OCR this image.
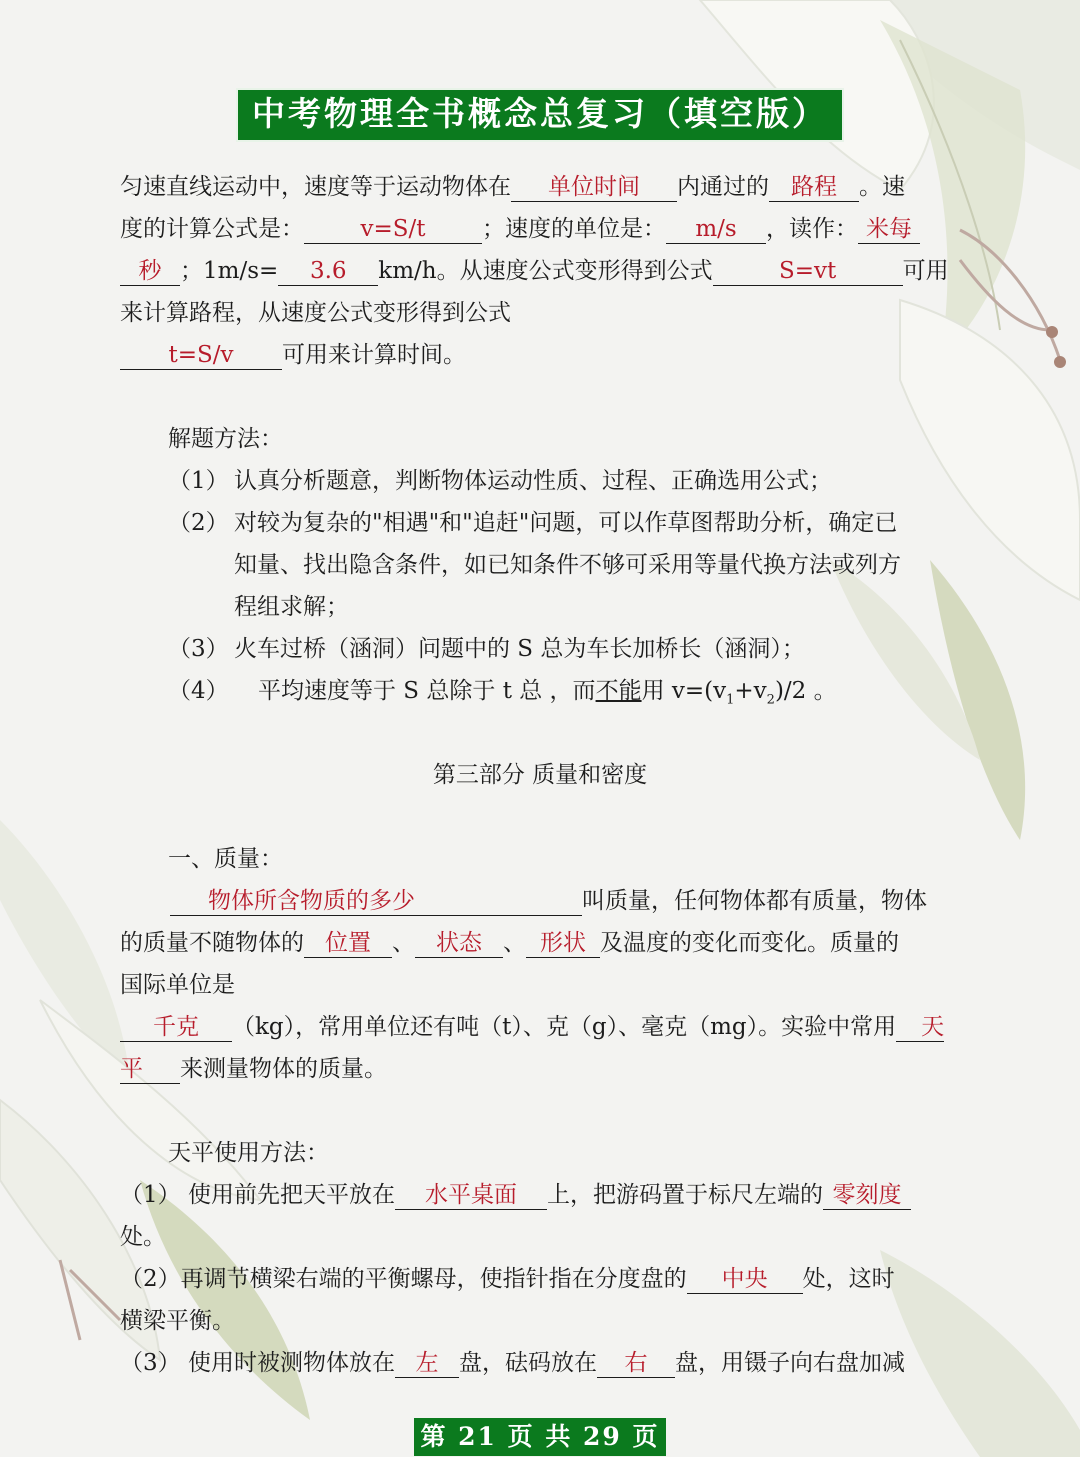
中考物理全书概念总复习（填空版）
匀速直线运动中，速度等于运动物体在 单位时间 内通过的 路程 。速
度的计算公式是： v=S/t ；速度的单位是： m/s ，读作： 米每
秒 ；1m/s= 3.6 km/h。从速度公式变形得到公式	S=vt	可用
来计算路程，从速度公式变形得到公式
t=S/v 可用来计算时间。
解题方法：
（1） 认真分析题意，判断物体运动性质、过程、正确选用公式；
（2） 对较为复杂的"相遇"和"追赶"问题，可以作草图帮助分析，确定已
知量、找出隐含条件，如已知条件不够可采用等量代换方法或列方
程组求解；
（3） 火车过桥（涵洞）问题中的 S 总为车长加桥长（涵洞）；
（4） 平均速度等于 S 总除于 t 总 ，而不能用 $v=(v_1+v_2)/2$ 。
第三部分 质量和密度
一、质量：
物体所含物质的多少	叫质量，任何物体都有质量，物体
的质量不随物体的 位置 、 状态 、 形状 及温度的变化而变化。质量的
国际单位是
千克 （kg），常用单位还有吨（t）、克（g）、毫克（mg）。实验中常用 天
平 来测量物体的质量。
天平使用方法：
（1） 使用前先把天平放在 水平桌面 上，把游码置于标尺左端的 零刻度
处。
（2）再调节横梁右端的平衡螺母，使指针指在分度盘的 中央 处，这时
横梁平衡。
（3） 使用时被测物体放在 左 盘，砝码放在 右 盘，用镊子向右盘加减
第 21 页 共 29 页
